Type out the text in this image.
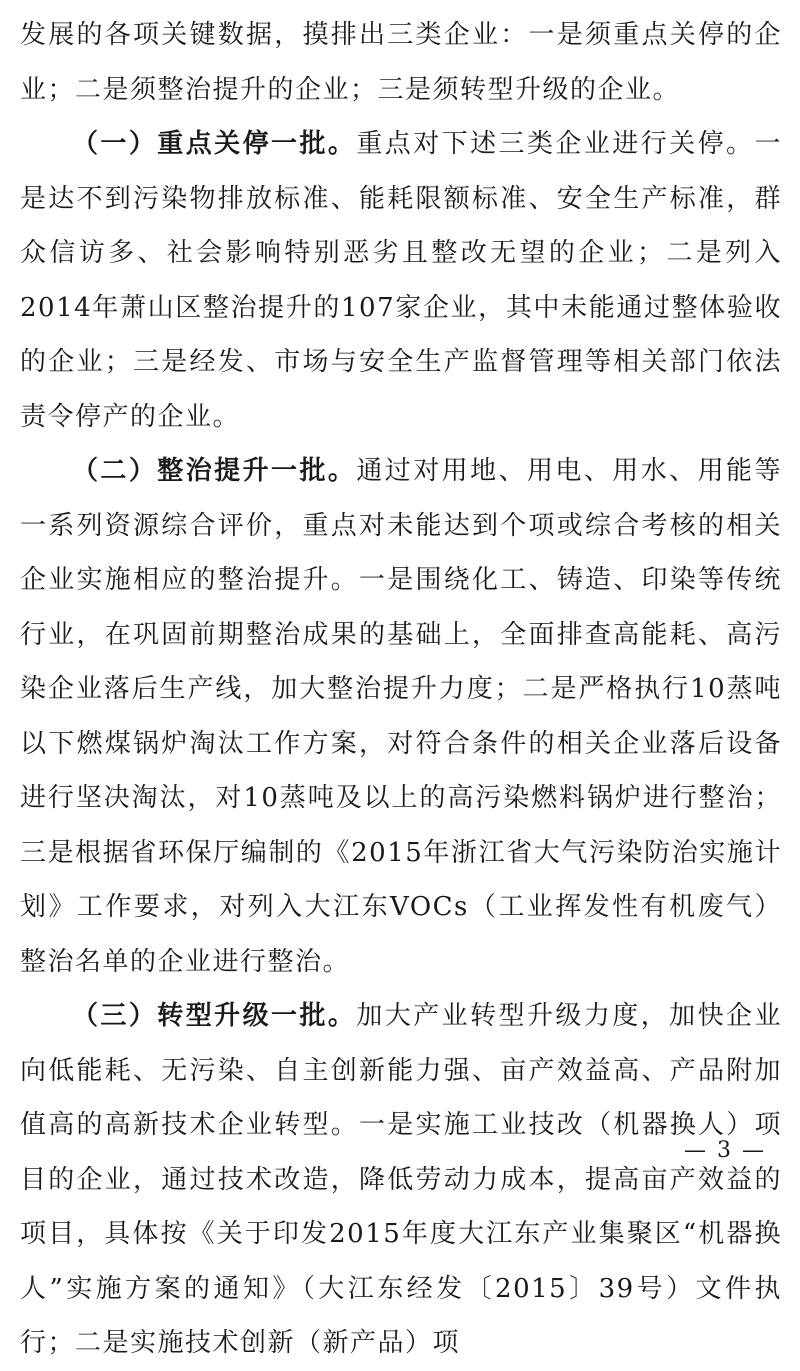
发展的各项关键数据，摸排出三类企业：一是须重点关停的企业；二是须整治提升的企业；三是须转型升级的企业。

（一）重点关停一批。重点对下述三类企业进行关停。一是达不到污染物排放标准、能耗限额标准、安全生产标准，群众信访多、社会影响特别恶劣且整改无望的企业；二是列入2014年萧山区整治提升的107家企业，其中未能通过整体验收的企业；三是经发、市场与安全生产监督管理等相关部门依法责令停产的企业。

（二）整治提升一批。通过对用地、用电、用水、用能等一系列资源综合评价，重点对未能达到个项或综合考核的相关企业实施相应的整治提升。一是围绕化工、铸造、印染等传统行业，在巩固前期整治成果的基础上，全面排查高能耗、高污染企业落后生产线，加大整治提升力度；二是严格执行10蒸吨以下燃煤锅炉淘汰工作方案，对符合条件的相关企业落后设备进行坚决淘汰，对10蒸吨及以上的高污染燃料锅炉进行整治；三是根据省环保厅编制的《2015年浙江省大气污染防治实施计划》工作要求，对列入大江东VOCs（工业挥发性有机废气）整治名单的企业进行整治。

（三）转型升级一批。加大产业转型升级力度，加快企业向低能耗、无污染、自主创新能力强、亩产效益高、产品附加值高的高新技术企业转型。一是实施工业技改（机器换人）项目的企业，通过技术改造，降低劳动力成本，提高亩产效益的项目，具体按《关于印发2015年度大江东产业集聚区“机器换人”实施方案的通知》（大江东经发〔2015〕39号）文件执行；二是实施技术创新（新产品）项

— 3 —
